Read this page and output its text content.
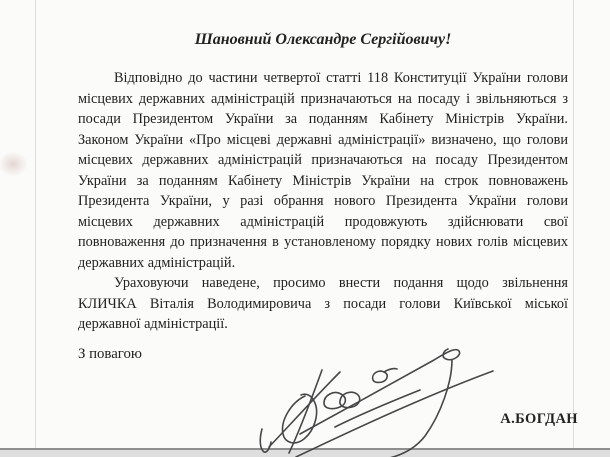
Шановний Олександре Сергійовичу!
Відповідно до частини четвертої статті 118 Конституції України голови
місцевих державних адміністрацій призначаються на посаду і звільняються з
посади Президентом України за поданням Кабінету Міністрів України.
Законом України «Про місцеві державні адміністрації» визначено, що голови
місцевих державних адміністрацій призначаються на посаду Президентом
України за поданням Кабінету Міністрів України на строк повноважень
Президента України, у разі обрання нового Президента України голови
місцевих державних адміністрацій продовжують здійснювати свої
повноваження до призначення в установленому порядку нових голів місцевих
державних адміністрацій.
Ураховуючи наведене, просимо внести подання щодо звільнення
КЛИЧКА Віталія Володимировича з посади голови Київської міської
державної адміністрації.
З повагою
А.БОГДАН
